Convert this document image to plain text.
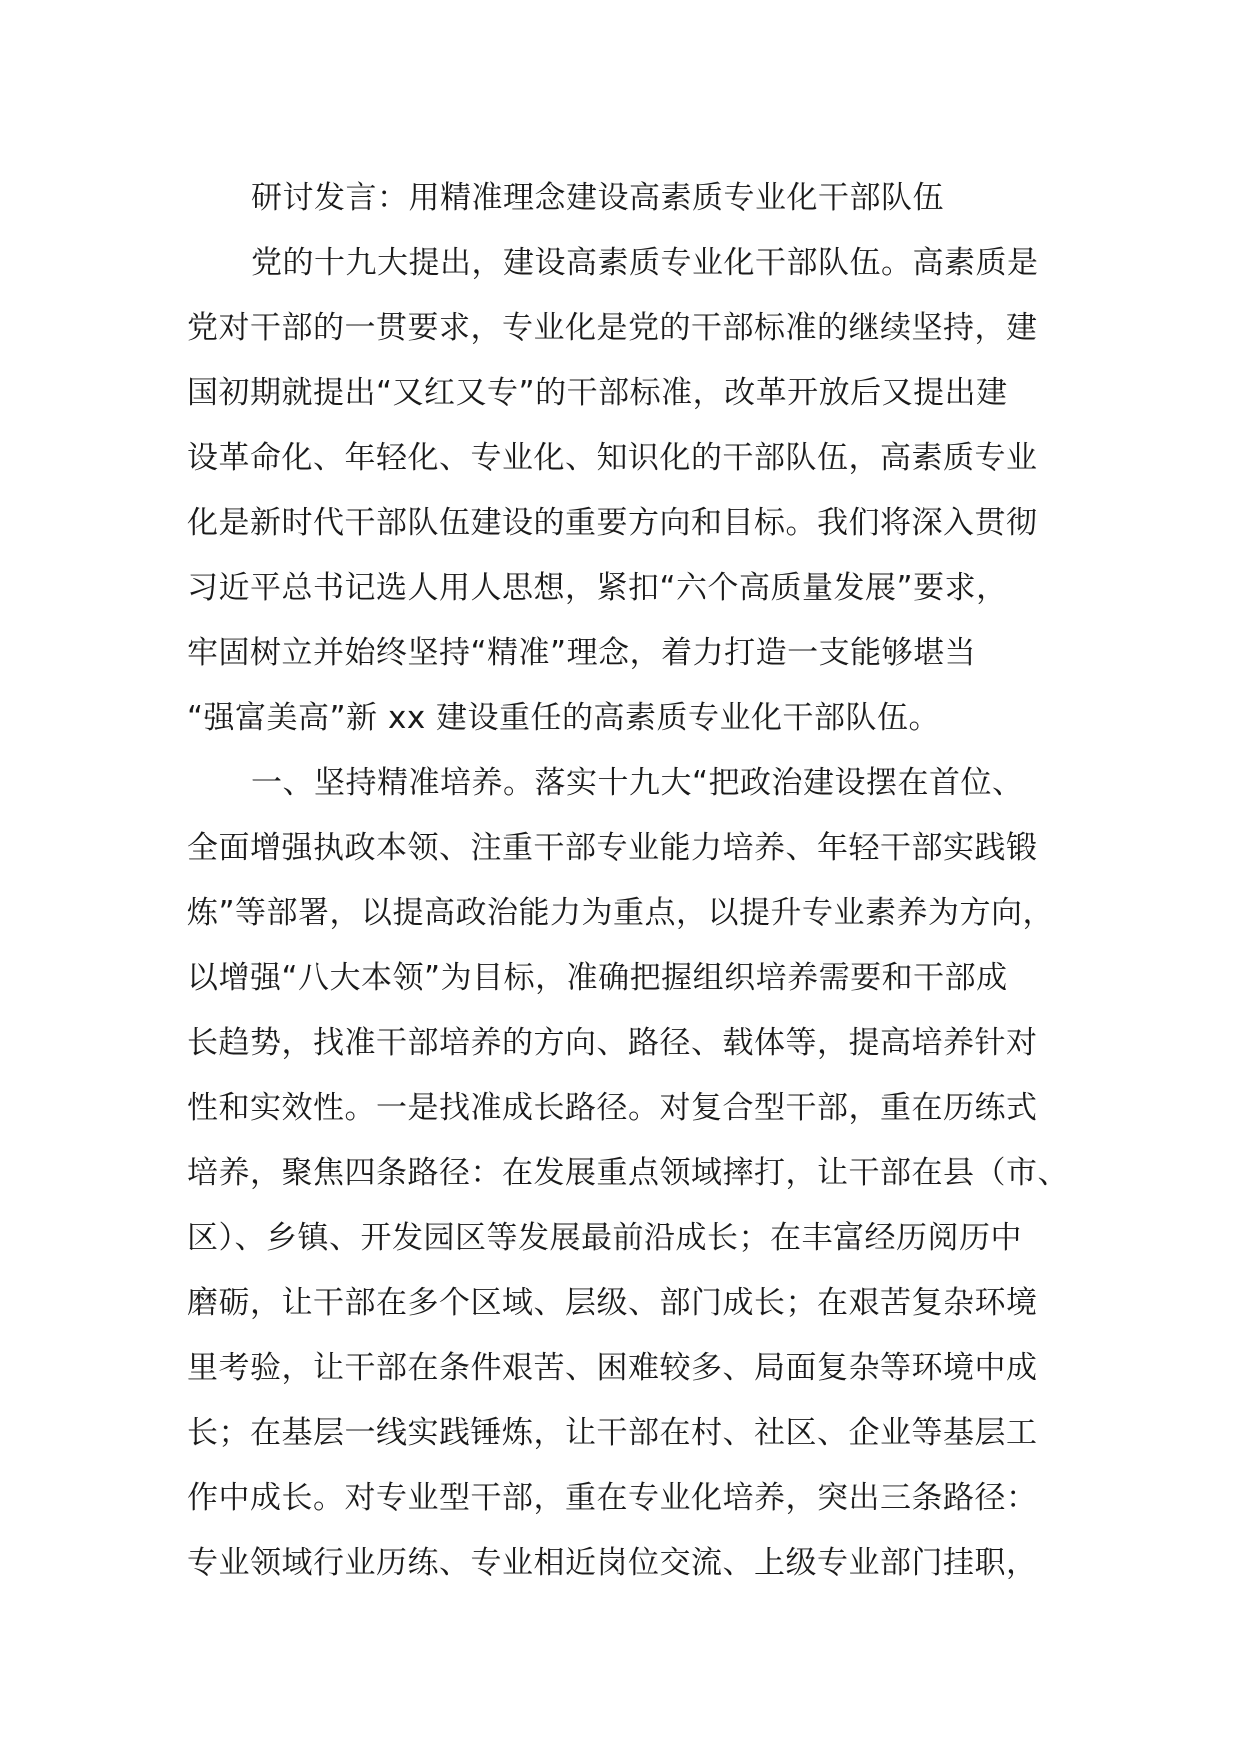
研讨发言：用精准理念建设高素质专业化干部队伍
党的十九大提出，建设高素质专业化干部队伍。高素质是
党对干部的一贯要求，专业化是党的干部标准的继续坚持，建
国初期就提出“又红又专”的干部标准，改革开放后又提出建
设革命化、年轻化、专业化、知识化的干部队伍，高素质专业
化是新时代干部队伍建设的重要方向和目标。我们将深入贯彻
习近平总书记选人用人思想，紧扣“六个高质量发展”要求，
牢固树立并始终坚持“精准”理念，着力打造一支能够堪当
“强富美高”新 xx 建设重任的高素质专业化干部队伍。
一、坚持精准培养。落实十九大“把政治建设摆在首位、
全面增强执政本领、注重干部专业能力培养、年轻干部实践锻
炼”等部署，以提高政治能力为重点，以提升专业素养为方向，
以增强“八大本领”为目标，准确把握组织培养需要和干部成
长趋势，找准干部培养的方向、路径、载体等，提高培养针对
性和实效性。一是找准成长路径。对复合型干部，重在历练式
培养，聚焦四条路径：在发展重点领域摔打，让干部在县（市、
区）、乡镇、开发园区等发展最前沿成长；在丰富经历阅历中
磨砺，让干部在多个区域、层级、部门成长；在艰苦复杂环境
里考验，让干部在条件艰苦、困难较多、局面复杂等环境中成
长；在基层一线实践锤炼，让干部在村、社区、企业等基层工
作中成长。对专业型干部，重在专业化培养，突出三条路径：
专业领域行业历练、专业相近岗位交流、上级专业部门挂职，
